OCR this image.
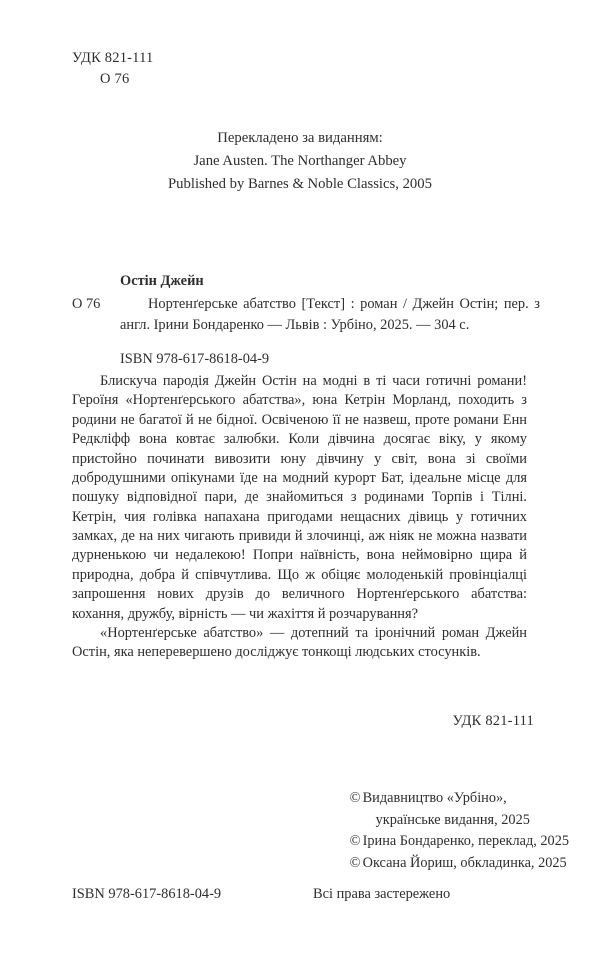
УДК 821-111
О 76
Перекладено за виданням:
Jane Austen. The Northanger Abbey
Published by Barnes & Noble Classics, 2005
Остін Джейн
О 76	Нортенґерське абатство [Текст] : роман / Джейн Остін; пер. з англ. Ірини Бондаренко — Львів : Урбіно, 2025. — 304 с.
ISBN 978-617-8618-04-9

Блискуча пародія Джейн Остін на модні в ті часи готичні романи! Героїня «Нортенґерського абатства», юна Кетрін Морланд, походить з родини не багатої й не бідної. Освіченою її не назвеш, проте романи Енн Редкліфф вона ковтає залюбки. Коли дівчина досягає віку, у якому пристойно починати вивозити юну дівчину у світ, вона зі своїми добродушними опікунами їде на модний курорт Бат, ідеальне місце для пошуку відповідної пари, де знайомиться з родинами Торпів і Тілні. Кетрін, чия голівка напахана пригодами нещасних дівиць у готичних замках, де на них чигають привиди й злочинці, аж ніяк не можна назвати дурненькою чи недалекою! Попри наївність, вона неймовірно щира й природна, добра й співчутлива. Що ж обіцяє молоденькій провінціалці запрошення нових друзів до величного Нортенґерського абатства: кохання, дружбу, вірність — чи жахіття й розчарування?

«Нортенґерське абатство» — дотепний та іронічний роман Джейн Остін, яка неперевершено досліджує тонкощі людських стосунків.

УДК 821-111
© Видавництво «Урбіно»,
українське видання, 2025
© Ірина Бондаренко, переклад, 2025
© Оксана Йориш, обкладинка, 2025
ISBN 978-617-8618-04-9	Всі права застережено
